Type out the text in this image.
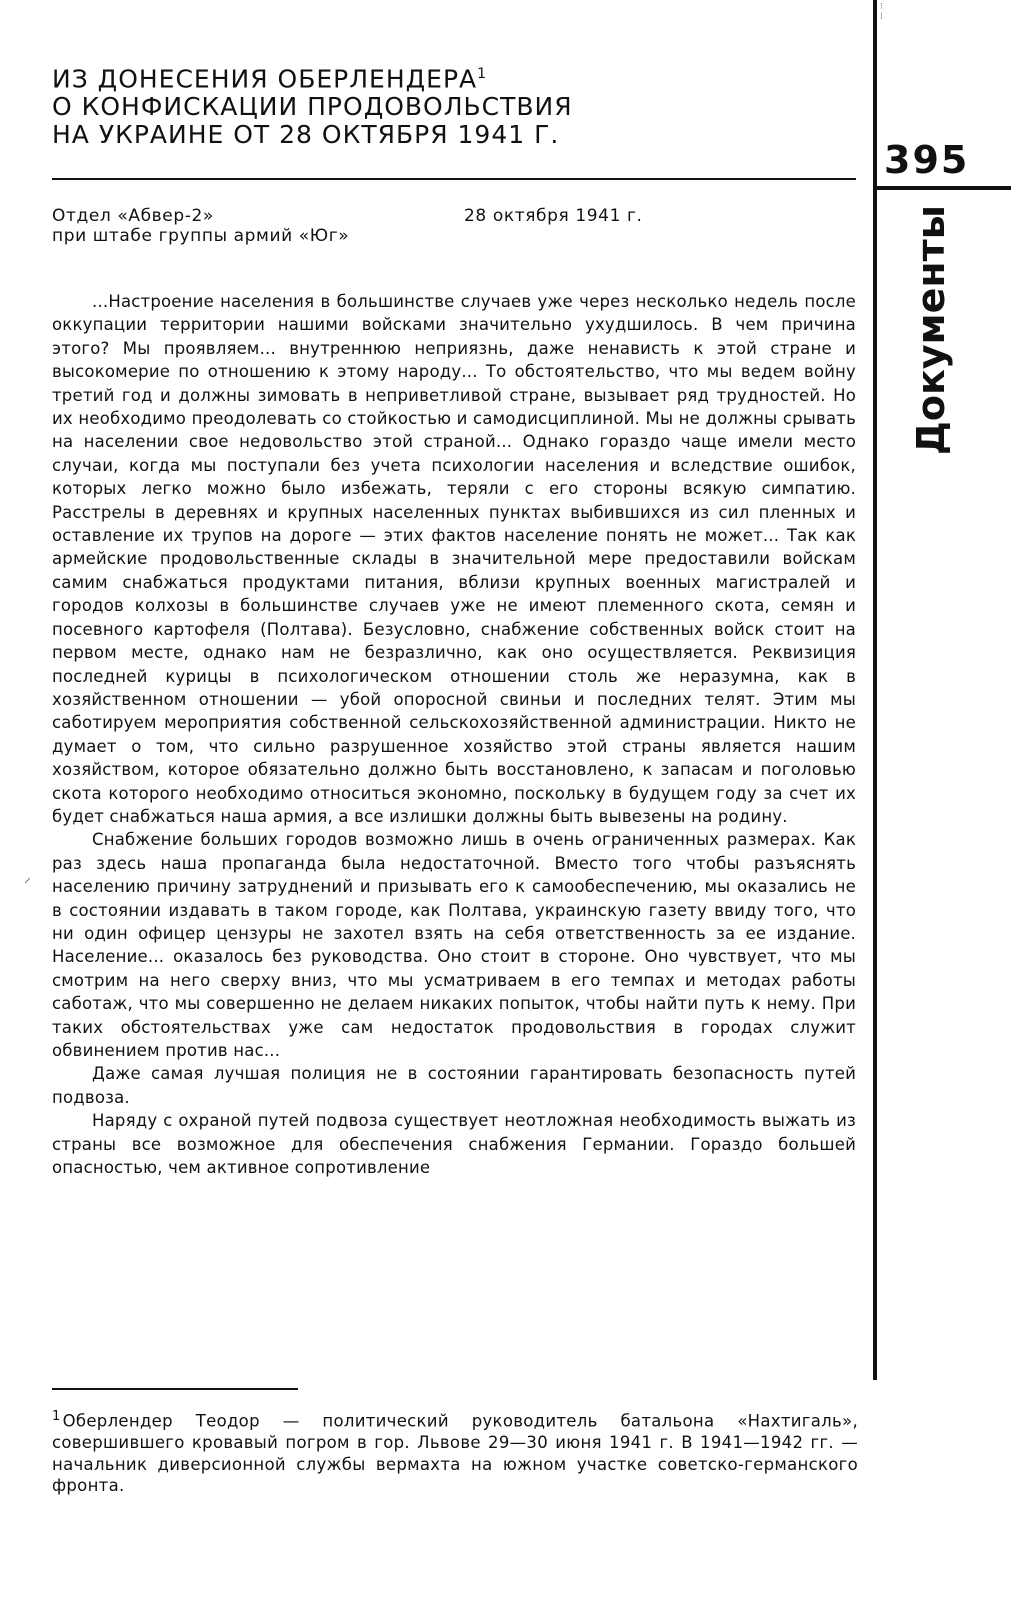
⁝
⁞
ИЗ ДОНЕСЕНИЯ ОБЕРЛЕНДЕРА$^1$
О КОНФИСКАЦИИ ПРОДОВОЛЬСТВИЯ
НА УКРАИНЕ ОТ 28 ОКТЯБРЯ 1941 Г.
395
Документы
Отдел «Абвер-2»
при штабе группы армий «Юг»
28 октября 1941 г.

...Настроение населения в большинстве случаев уже через несколько недель после оккупации территории нашими войсками значительно ухудшилось. В чем причина этого? Мы проявляем... внутреннюю неприязнь, даже ненависть к этой стране и высокомерие по отношению к этому народу... То обстоятельство, что мы ведем войну третий год и должны зимовать в неприветливой стране, вызывает ряд трудностей. Но их необходимо преодолевать со стойкостью и самодисциплиной. Мы не должны срывать на населении свое недовольство этой страной... Однако гораздо чаще имели место случаи, когда мы поступали без учета психологии населения и вследствие ошибок, которых легко можно было избежать, теряли с его стороны всякую симпатию. Расстрелы в деревнях и крупных населенных пунктах выбившихся из сил пленных и оставление их трупов на дороге — этих фактов население понять не может... Так как армейские продовольственные склады в значительной мере предоставили войскам самим снабжаться продуктами питания, вблизи крупных военных магистралей и городов колхозы в большинстве случаев уже не имеют племенного скота, семян и посевного картофеля (Полтава). Безусловно, снабжение собственных войск стоит на первом месте, однако нам не безразлично, как оно осуществляется. Реквизиция последней курицы в психологическом отношении столь же неразумна, как в хозяйственном отношении — убой опоросной свиньи и последних телят. Этим мы саботируем мероприятия собственной сельскохозяйственной администрации. Никто не думает о том, что сильно разрушенное хозяйство этой страны является нашим хозяйством, которое обязательно должно быть восстановлено, к запасам и поголовью скота которого необходимо относиться экономно, поскольку в будущем году за счет их будет снабжаться наша армия, а все излишки должны быть вывезены на родину.

Снабжение больших городов возможно лишь в очень ограниченных размерах. Как раз здесь наша пропаганда была недостаточной. Вместо того чтобы разъяснять населению причину затруднений и призывать его к самообеспечению, мы оказались не в состоянии издавать в таком городе, как Полтава, украинскую газету ввиду того, что ни один офицер цензуры не захотел взять на себя ответственность за ее издание. Население... оказалось без руководства. Оно стоит в стороне. Оно чувствует, что мы смотрим на него сверху вниз, что мы усматриваем в его темпах и методах работы саботаж, что мы совершенно не делаем никаких попыток, чтобы найти путь к нему. При таких обстоятельствах уже сам недостаток продовольствия в городах служит обвинением против нас...

Даже самая лучшая полиция не в состоянии гарантировать безопасность путей подвоза.

Наряду с охраной путей подвоза существует неотложная необходимость выжать из страны все возможное для обеспечения снабжения Германии. Гораздо большей опасностью, чем активное сопротивление

⸝
$^1$ Оберлендер Теодор — политический руководитель батальона «Нахтигаль», совершившего кровавый погром в гор. Львове 29—30 июня 1941 г. В 1941—1942 гг. — начальник диверсионной службы вермахта на южном участке советско-германского фронта.
